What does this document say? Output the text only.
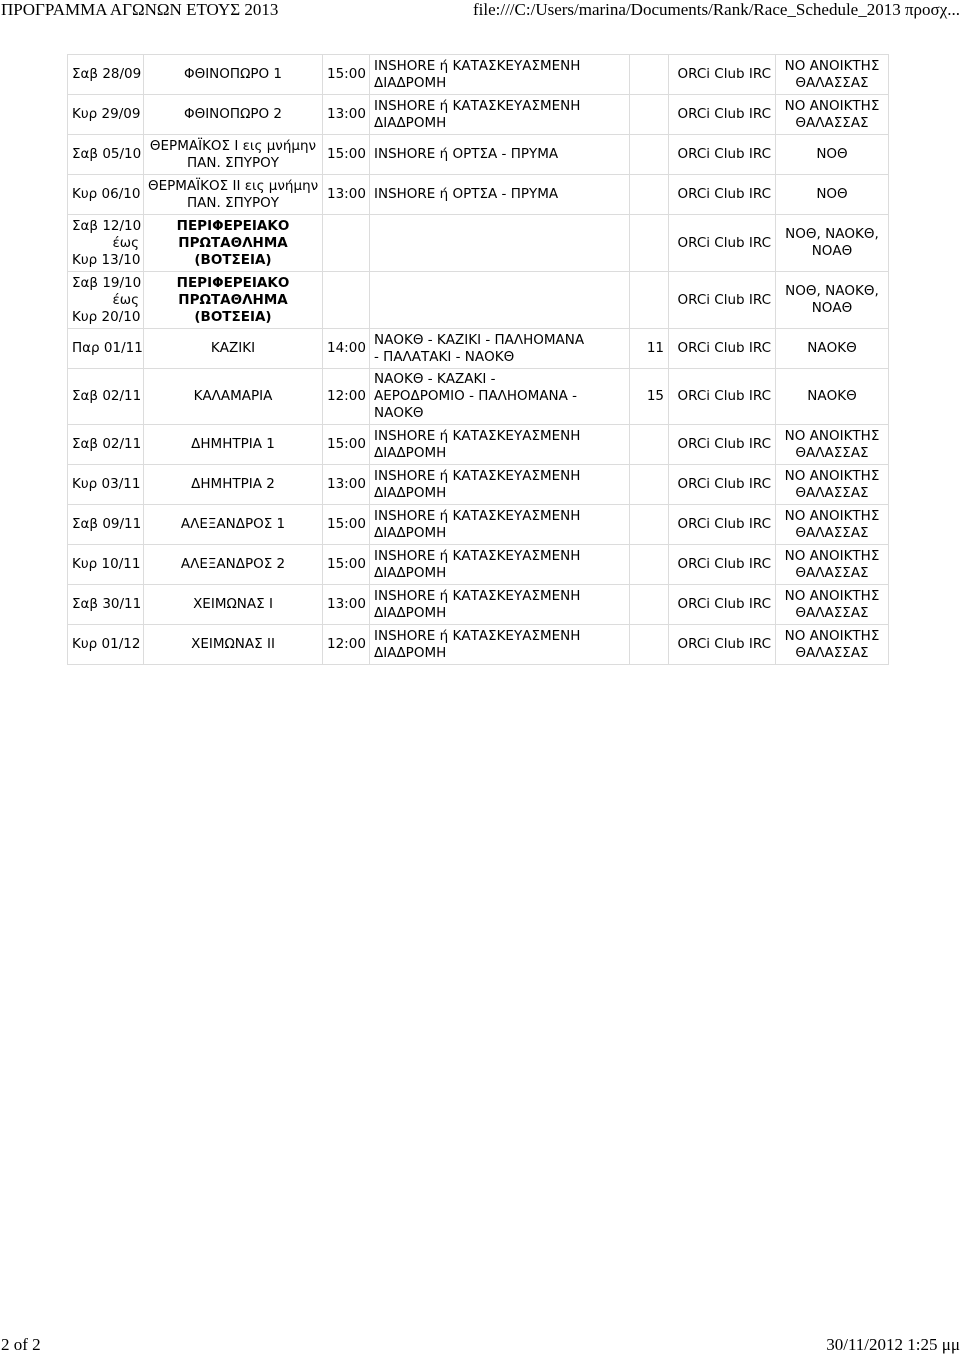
ΠΡΟΓΡΑΜΜΑ ΑΓΩΝΩΝ ΕΤΟΥΣ 2013	file:///C:/Users/marina/Documents/Rank/Race_Schedule_2013 προσχ...
Σαβ 28/09	ΦΘΙΝΟΠΩΡΟ 1	15:00	INSHORE ή ΚΑΤΑΣΚΕΥΑΣΜΕΝΗ
ΔΙΑΔΡΟΜΗ		ORCi Club IRC	ΝΟ ΑΝΟΙΚΤΗΣ
ΘΑΛΑΣΣΑΣ
Κυρ 29/09	ΦΘΙΝΟΠΩΡΟ 2	13:00	INSHORE ή ΚΑΤΑΣΚΕΥΑΣΜΕΝΗ
ΔΙΑΔΡΟΜΗ		ORCi Club IRC	ΝΟ ΑΝΟΙΚΤΗΣ
ΘΑΛΑΣΣΑΣ
Σαβ 05/10	ΘΕΡΜΑΪΚΟΣ Ι εις μνήμην
ΠΑΝ. ΣΠΥΡΟΥ	15:00	INSHORE ή ΟΡΤΣΑ - ΠΡΥΜΑ		ORCi Club IRC	ΝΟΘ
Κυρ 06/10	ΘΕΡΜΑΪΚΟΣ ΙΙ εις μνήμην
ΠΑΝ. ΣΠΥΡΟΥ	13:00	INSHORE ή ΟΡΤΣΑ - ΠΡΥΜΑ		ORCi Club IRC	ΝΟΘ
Σαβ 12/10
έως
Κυρ 13/10	ΠΕΡΙΦΕΡΕΙΑΚΟ
ΠΡΩΤΑΘΛΗΜΑ
(ΒΟΤΣΕΙΑ)				ORCi Club IRC	ΝΟΘ, ΝΑΟΚΘ,
ΝΟΑΘ
Σαβ 19/10
έως
Κυρ 20/10	ΠΕΡΙΦΕΡΕΙΑΚΟ
ΠΡΩΤΑΘΛΗΜΑ
(ΒΟΤΣΕΙΑ)				ORCi Club IRC	ΝΟΘ, ΝΑΟΚΘ,
ΝΟΑΘ
Παρ 01/11	ΚΑΖΙΚΙ	14:00	ΝΑΟΚΘ - ΚΑΖΙΚΙ - ΠΑΛΗΟΜΑΝΑ
- ΠΑΛΑΤΑΚΙ - ΝΑΟΚΘ	11	ORCi Club IRC	ΝΑΟΚΘ
Σαβ 02/11	ΚΑΛΑΜΑΡΙΑ	12:00	ΝΑΟΚΘ - ΚΑΖΑΚΙ -
ΑΕΡΟΔΡΟΜΙΟ - ΠΑΛΗΟΜΑΝΑ -
ΝΑΟΚΘ	15	ORCi Club IRC	ΝΑΟΚΘ
Σαβ 02/11	ΔΗΜΗΤΡΙΑ 1	15:00	INSHORE ή ΚΑΤΑΣΚΕΥΑΣΜΕΝΗ
ΔΙΑΔΡΟΜΗ		ORCi Club IRC	ΝΟ ΑΝΟΙΚΤΗΣ
ΘΑΛΑΣΣΑΣ
Κυρ 03/11	ΔΗΜΗΤΡΙΑ 2	13:00	INSHORE ή ΚΑΤΑΣΚΕΥΑΣΜΕΝΗ
ΔΙΑΔΡΟΜΗ		ORCi Club IRC	ΝΟ ΑΝΟΙΚΤΗΣ
ΘΑΛΑΣΣΑΣ
Σαβ 09/11	ΑΛΕΞΑΝΔΡΟΣ 1	15:00	INSHORE ή ΚΑΤΑΣΚΕΥΑΣΜΕΝΗ
ΔΙΑΔΡΟΜΗ		ORCi Club IRC	ΝΟ ΑΝΟΙΚΤΗΣ
ΘΑΛΑΣΣΑΣ
Κυρ 10/11	ΑΛΕΞΑΝΔΡΟΣ 2	15:00	INSHORE ή ΚΑΤΑΣΚΕΥΑΣΜΕΝΗ
ΔΙΑΔΡΟΜΗ		ORCi Club IRC	ΝΟ ΑΝΟΙΚΤΗΣ
ΘΑΛΑΣΣΑΣ
Σαβ 30/11	ΧΕΙΜΩΝΑΣ Ι	13:00	INSHORE ή ΚΑΤΑΣΚΕΥΑΣΜΕΝΗ
ΔΙΑΔΡΟΜΗ		ORCi Club IRC	ΝΟ ΑΝΟΙΚΤΗΣ
ΘΑΛΑΣΣΑΣ
Κυρ 01/12	ΧΕΙΜΩΝΑΣ ΙΙ	12:00	INSHORE ή ΚΑΤΑΣΚΕΥΑΣΜΕΝΗ
ΔΙΑΔΡΟΜΗ		ORCi Club IRC	ΝΟ ΑΝΟΙΚΤΗΣ
ΘΑΛΑΣΣΑΣ
2 of 2	30/11/2012 1:25 μμ
